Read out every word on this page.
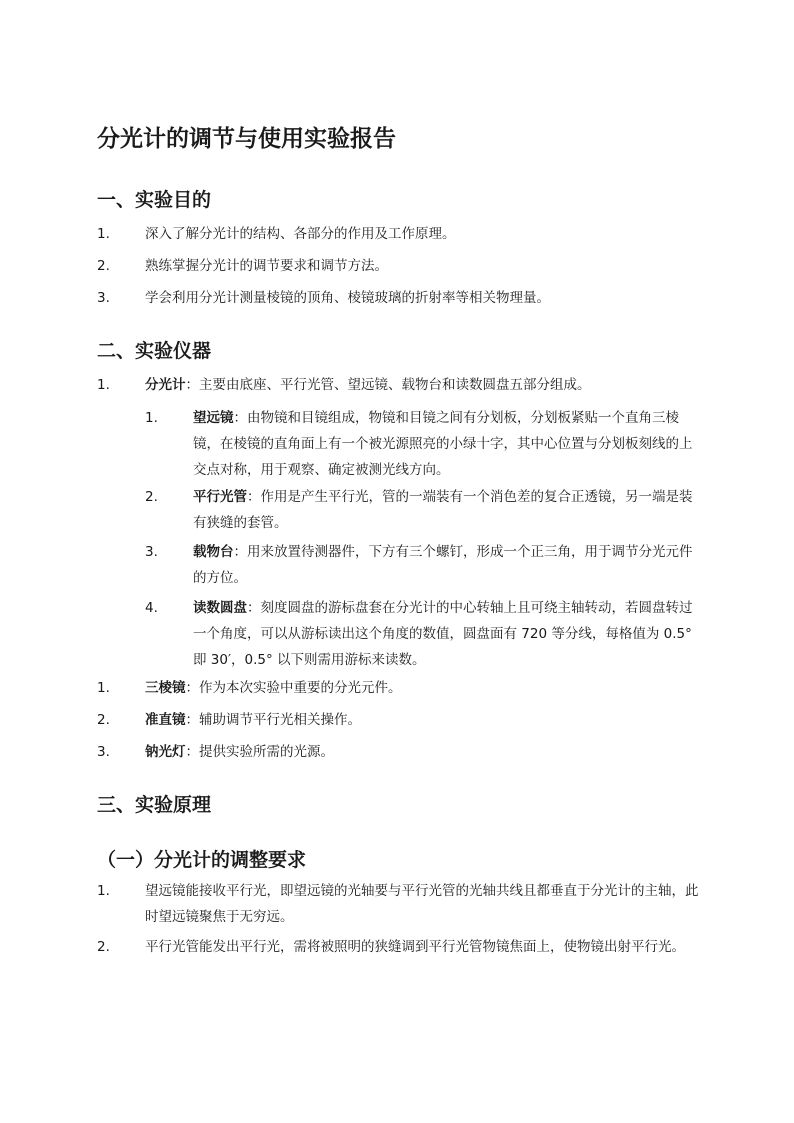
分光计的调节与使用实验报告
一、实验目的
1.	深入了解分光计的结构、各部分的作用及工作原理。
2.	熟练掌握分光计的调节要求和调节方法。
3.	学会利用分光计测量棱镜的顶角、棱镜玻璃的折射率等相关物理量。
二、实验仪器
1.	分光计：主要由底座、平行光管、望远镜、载物台和读数圆盘五部分组成。
1.	望远镜：由物镜和目镜组成，物镜和目镜之间有分划板，分划板紧贴一个直角三棱镜，在棱镜的直角面上有一个被光源照亮的小绿十字，其中心位置与分划板刻线的上交点对称，用于观察、确定被测光线方向。
2.	平行光管：作用是产生平行光，管的一端装有一个消色差的复合正透镜，另一端是装有狭缝的套管。
3.	载物台：用来放置待测器件，下方有三个螺钉，形成一个正三角，用于调节分光元件的方位。
4.	读数圆盘：刻度圆盘的游标盘套在分光计的中心转轴上且可绕主轴转动，若圆盘转过一个角度，可以从游标读出这个角度的数值，圆盘面有 720 等分线，每格值为 0.5° 即 30′，0.5° 以下则需用游标来读数。
1.	三棱镜：作为本次实验中重要的分光元件。
2.	准直镜：辅助调节平行光相关操作。
3.	钠光灯：提供实验所需的光源。
三、实验原理
（一）分光计的调整要求
1.	望远镜能接收平行光，即望远镜的光轴要与平行光管的光轴共线且都垂直于分光计的主轴，此时望远镜聚焦于无穷远。
2.	平行光管能发出平行光，需将被照明的狭缝调到平行光管物镜焦面上，使物镜出射平行光。
